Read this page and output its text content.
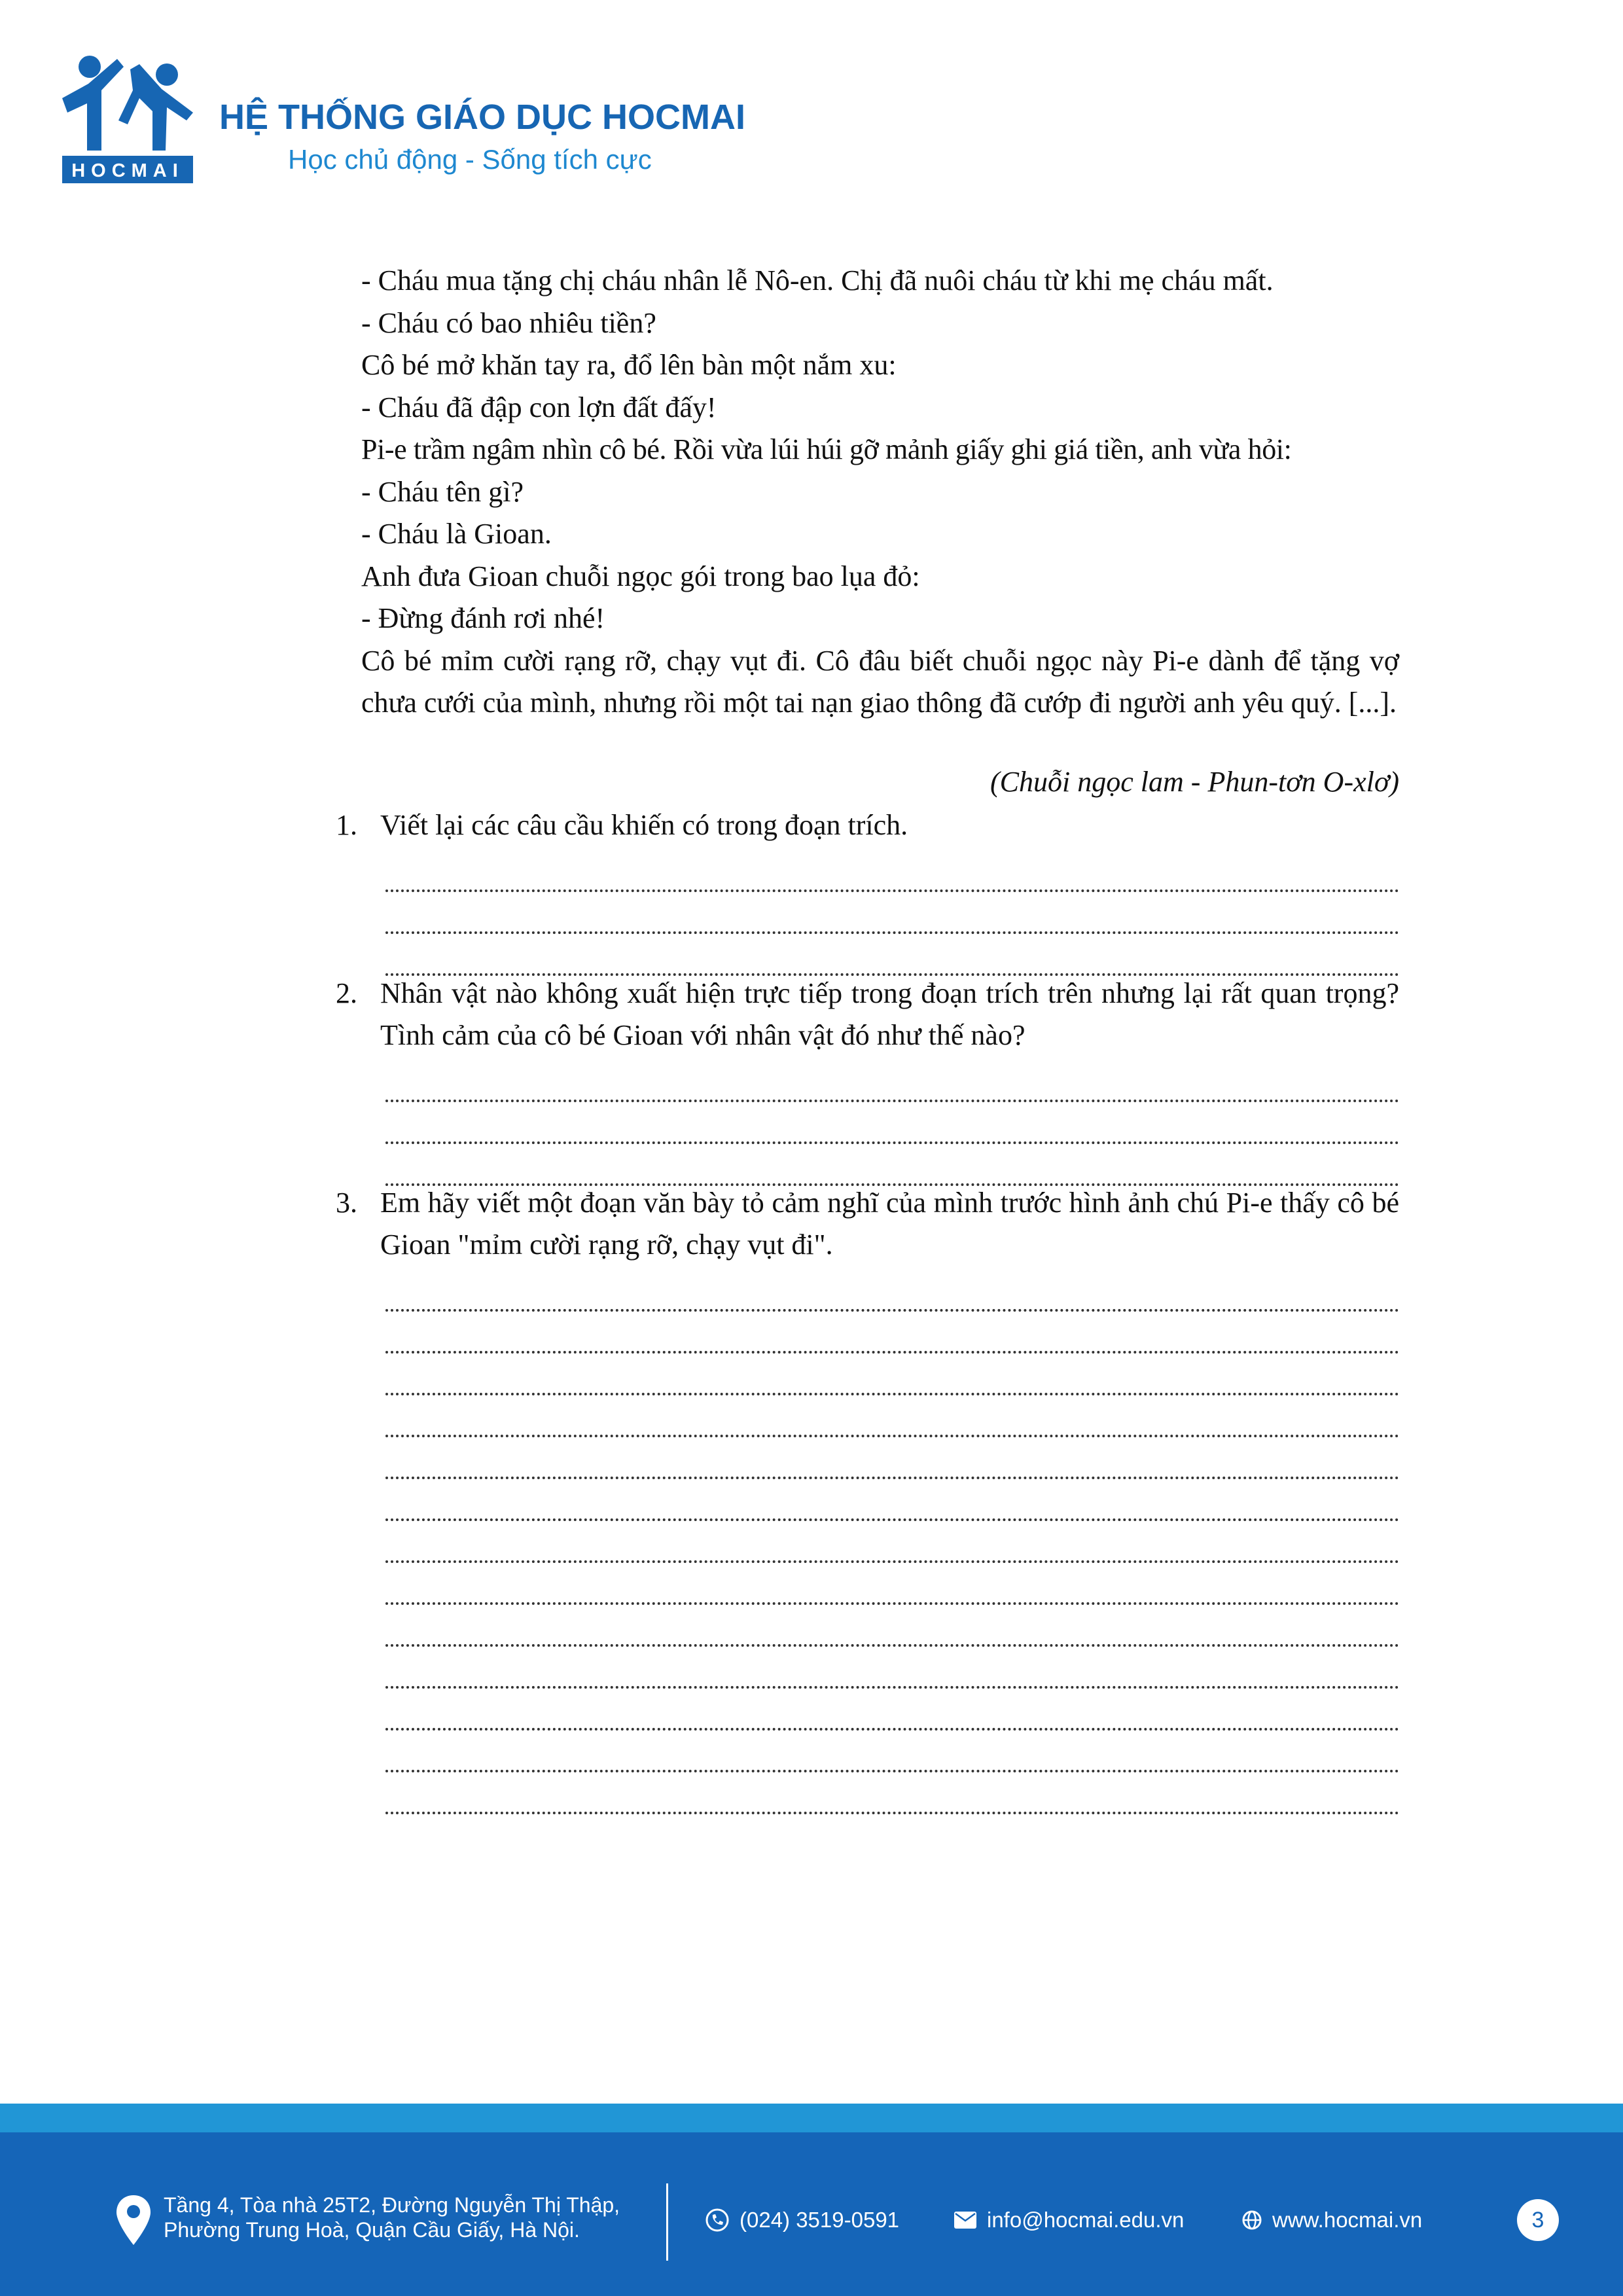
HOCMAI
HỆ THỐNG GIÁO DỤC HOCMAI

Học chủ động - Sống tích cực

- Cháu mua tặng chị cháu nhân lễ Nô-en. Chị đã nuôi cháu từ khi mẹ cháu mất.

- Cháu có bao nhiêu tiền?

Cô bé mở khăn tay ra, đổ lên bàn một nắm xu:

- Cháu đã đập con lợn đất đấy!

Pi-e trầm ngâm nhìn cô bé. Rồi vừa lúi húi gỡ mảnh giấy ghi giá tiền, anh vừa hỏi:

- Cháu tên gì?

- Cháu là Gioan.

Anh đưa Gioan chuỗi ngọc gói trong bao lụa đỏ:

- Đừng đánh rơi nhé!

Cô bé mỉm cười rạng rỡ, chạy vụt đi. Cô đâu biết chuỗi ngọc này Pi-e dành để tặng vợ chưa cưới của mình, nhưng rồi một tai nạn giao thông đã cướp đi người anh yêu quý. [...].

(Chuỗi ngọc lam - Phun-tơn O-xlơ)

1. Viết lại các câu cầu khiến có trong đoạn trích.

2. Nhân vật nào không xuất hiện trực tiếp trong đoạn trích trên nhưng lại rất quan trọng? Tình cảm của cô bé Gioan với nhân vật đó như thế nào?

3. Em hãy viết một đoạn văn bày tỏ cảm nghĩ của mình trước hình ảnh chú Pi-e thấy cô bé Gioan "mỉm cười rạng rỡ, chạy vụt đi".

Tầng 4, Tòa nhà 25T2, Đường Nguyễn Thị Thập,
Phường Trung Hoà, Quận Cầu Giấy, Hà Nội.	(024) 3519-0591	info@hocmai.edu.vn	www.hocmai.vn	3
